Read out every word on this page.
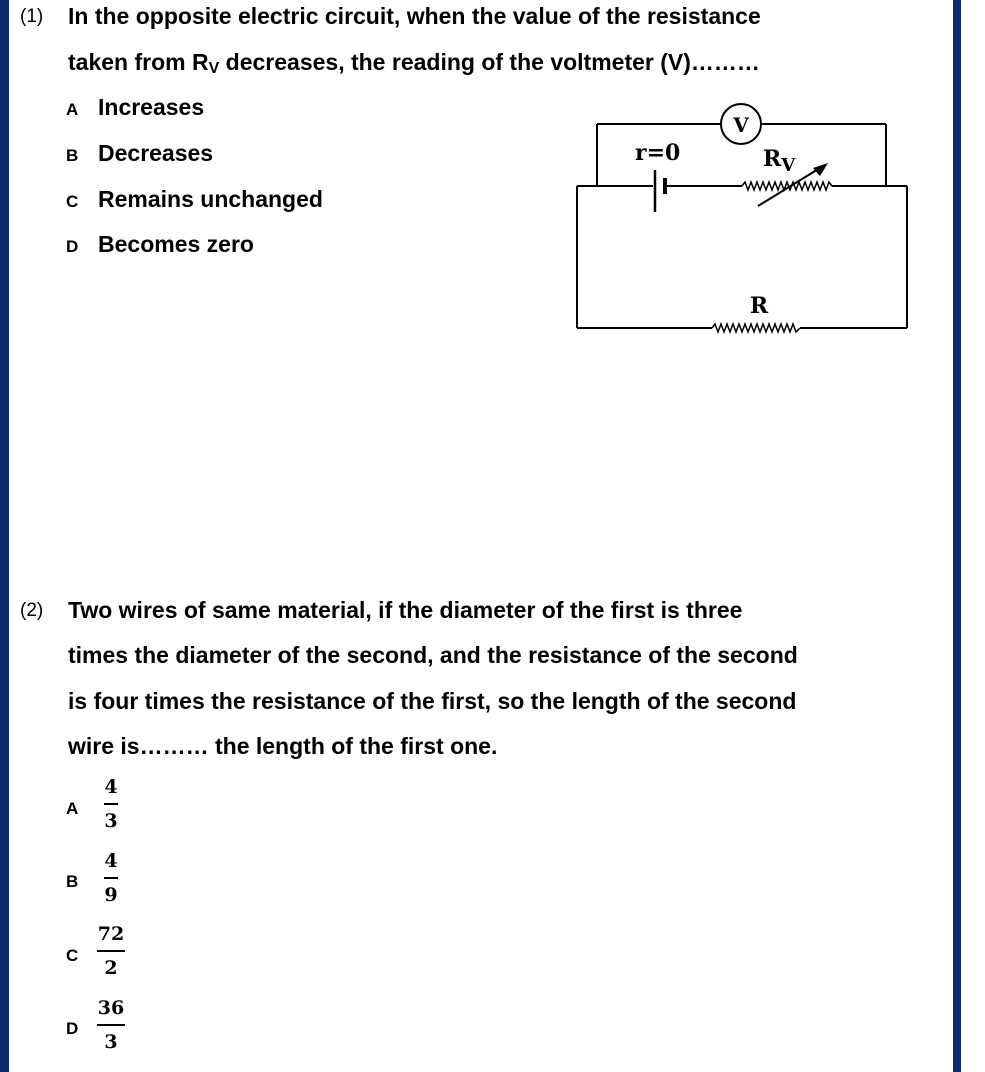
(1) In the opposite electric circuit, when the value of the resistance
taken from RV decreases, the reading of the voltmeter (V)………
A Increases
B Decreases
C Remains unchanged
D Becomes zero
V
r=0	$R_V$
R
(2) Two wires of same material, if the diameter of the first is three
times the diameter of the second, and the resistance of the second
is four times the resistance of the first, so the length of the second
wire is……… the length of the first one.
A
4
3
B
4
9
C
72
2
D
36
3
